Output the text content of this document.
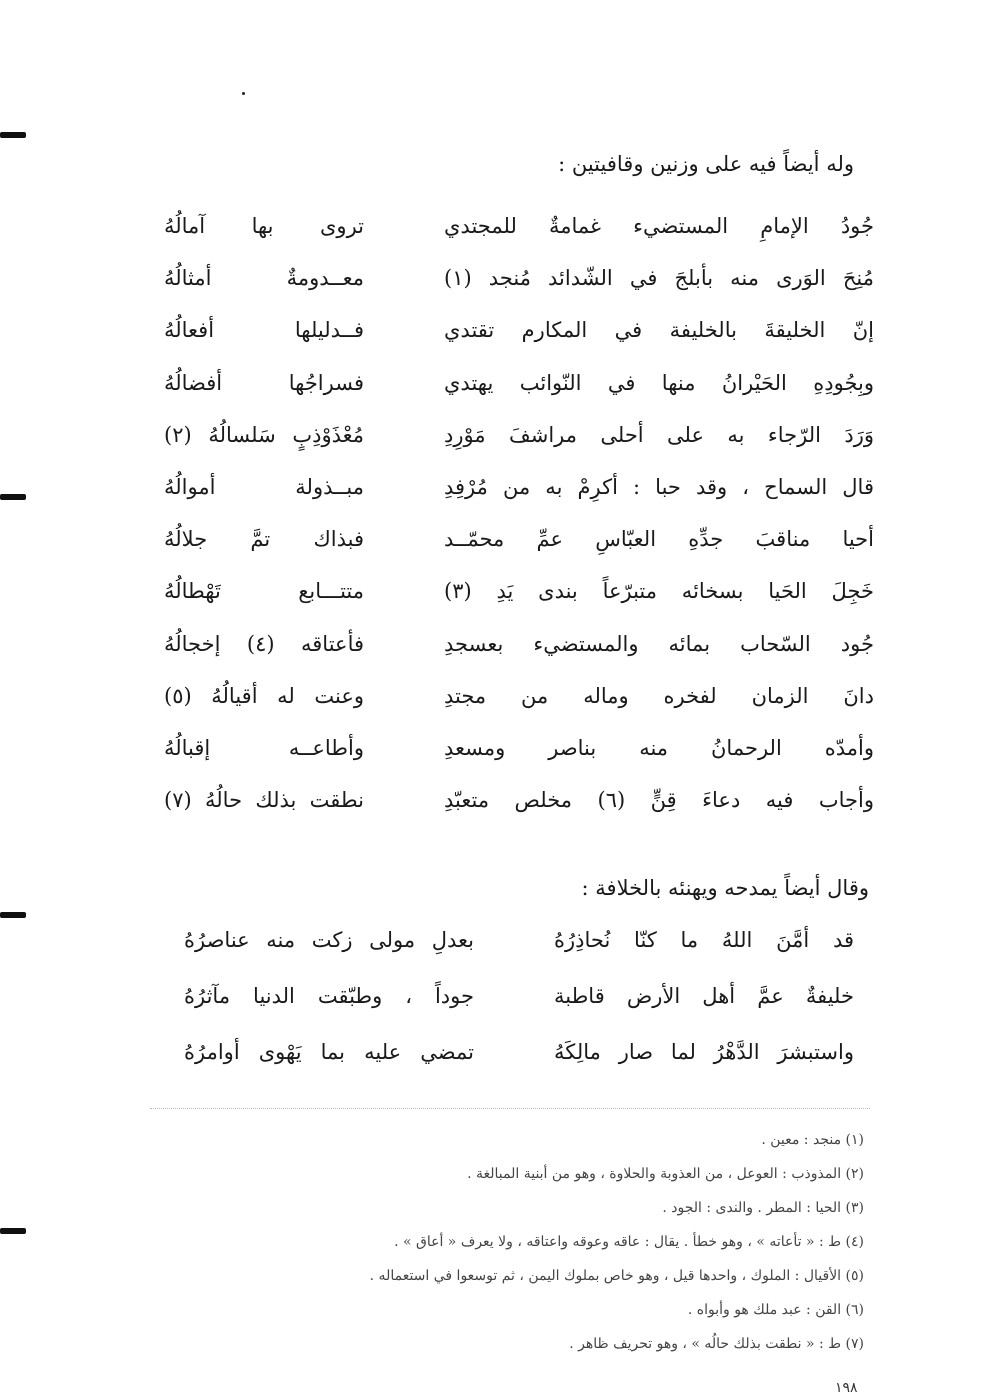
وله أيضاً فيه على وزنين وقافيتين :
جُودُ الإمامِ المستضيء غمامةٌ للمجتدي
تروى بها آمالُهُ
مُنِحَ الوَرى منه بأبلجَ في الشّدائد مُنجد (١)
معــدومةٌ أمثالُهُ
إنّ الخليقةَ بالخليفة في المكارم تقتدي
فــدليلها أفعالُهُ
وبِجُودِهِ الحَيْرانُ منها في النّوائب يهتدي
فسراجُها أفضالُهُ
وَرَدَ الرّجاء به على أحلى مراشفَ مَوْرِدِ
مُعْذَوْذِبٍ سَلسالُهُ (٢)
قال السماح ، وقد حبا : أكرِمْ به من مُرْفِدِ
مبــذولة أموالُهُ
أحيا مناقبَ جدِّهِ العبّاسِ عمِّ محمّــد
فبذاك تمَّ جلالُهُ
خَجِلَ الحَيا بسخائه متبرّعاً بندى يَدِ (٣)
متتـــابع تَهْطالُهُ
جُود السّحاب بمائه والمستضيء بعسجدِ
فأعتاقه (٤) إخجالُهُ
دانَ الزمان لفخره وماله من مجتدِ
وعنت له أقيالُهُ (٥)
وأمدّه الرحمانُ منه بناصر ومسعدِ
وأطاعــه إقبالُهُ
وأجاب فيه دعاءَ قِنٍّ (٦) مخلص متعبّدِ
نطقت بذلك حالُهُ (٧)
وقال أيضاً يمدحه ويهنئه بالخلافة :
قد أمَّنَ اللهُ ما كنّا نُحاذِرُهُ
بعدلِ مولى زكت منه عناصرُهُ
خليفةٌ عمَّ أهل الأرض قاطبة
جوداً ، وطبّقت الدنيا مآثرُهُ
واستبشرَ الدَّهْرُ لما صار مالِكَهُ
تمضي عليه بما يَهْوى أوامرُهُ
(١) منجد : معين .
(٢) المذوذب : العوعل ، من العذوبة والحلاوة ، وهو من أبنية المبالغة .
(٣) الحيا : المطر . والندى : الجود .
(٤) ط : « تأعاته » ، وهو خطأ . يقال : عاقه وعوقه واعتاقه ، ولا يعرف « أعاق » .
(٥) الأقيال : الملوك ، واحدها قيل ، وهو خاص بملوك اليمن ، ثم توسعوا في استعماله .
(٦) القن : عبد ملك هو وأبواه .
(٧) ط : « نطقت بذلك حالُه » ، وهو تحريف ظاهر .
١٩٨
